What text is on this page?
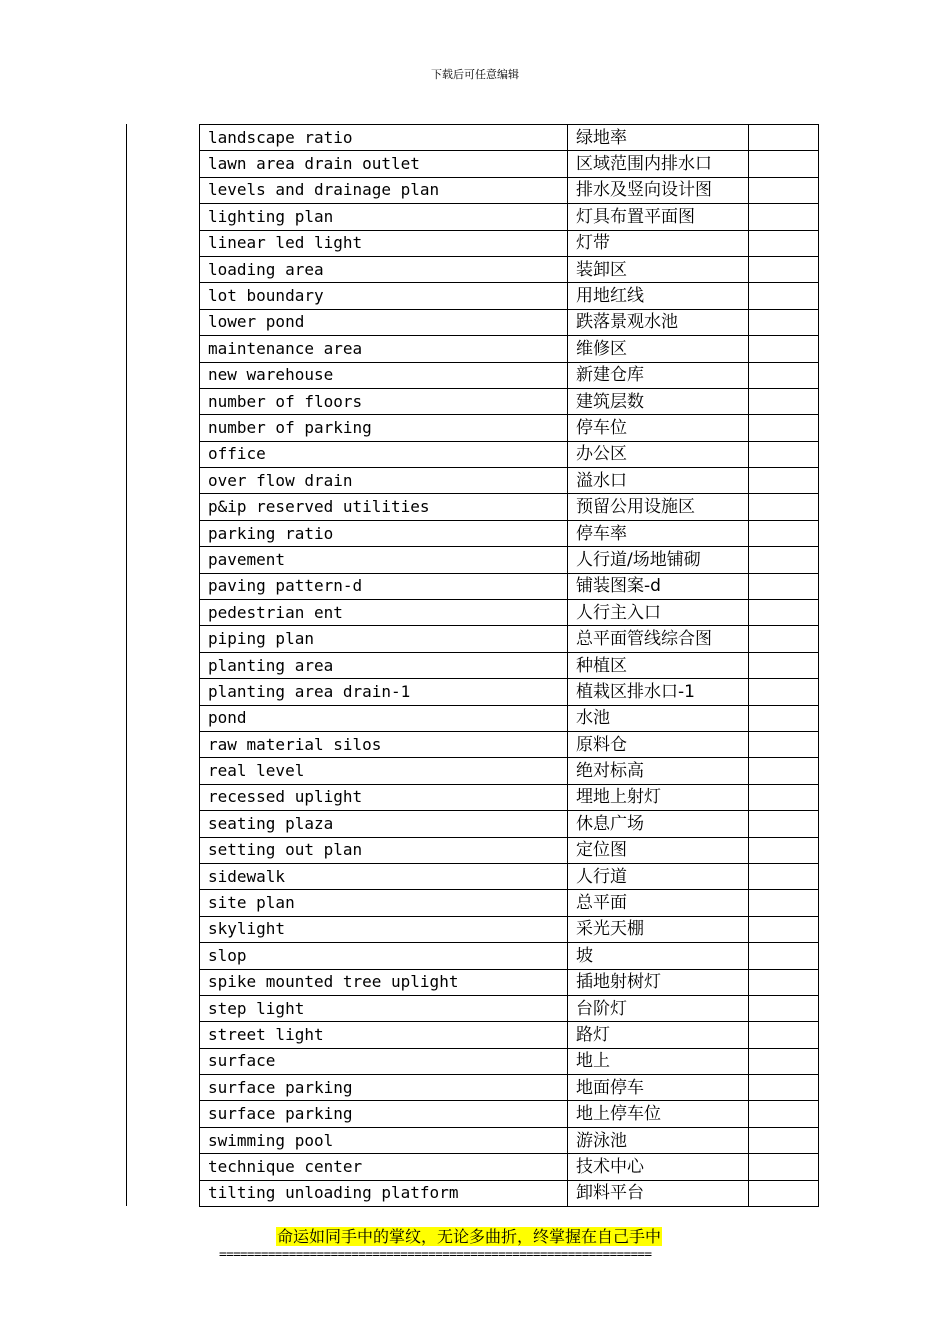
下载后可任意编辑
landscape ratio	绿地率	
lawn area drain outlet	区域范围内排水口	
levels and drainage plan	排水及竖向设计图	
lighting plan	灯具布置平面图	
linear led light	灯带	
loading area	装卸区	
lot boundary	用地红线	
lower pond	跌落景观水池	
maintenance area	维修区	
new warehouse	新建仓库	
number of floors	建筑层数	
number of parking	停车位	
office	办公区	
over flow drain	溢水口	
p&ip reserved utilities	预留公用设施区	
parking ratio	停车率	
pavement	人行道/场地铺砌	
paving pattern-d	铺装图案-d	
pedestrian ent	人行主入口	
piping plan	总平面管线综合图	
planting area	种植区	
planting area drain-1	植栽区排水口-1	
pond	水池	
raw material silos	原料仓	
real level	绝对标高	
recessed uplight	埋地上射灯	
seating plaza	休息广场	
setting out plan	定位图	
sidewalk	人行道	
site plan	总平面	
skylight	采光天棚	
slop	坡	
spike mounted tree uplight	插地射树灯	
step light	台阶灯	
street light	路灯	
surface	地上	
surface parking	地面停车	
surface parking	地上停车位	
swimming pool	游泳池	
technique center	技术中心	
tilting unloading platform	卸料平台	
命运如同手中的掌纹，无论多曲折，终掌握在自己手中
==============================================================
